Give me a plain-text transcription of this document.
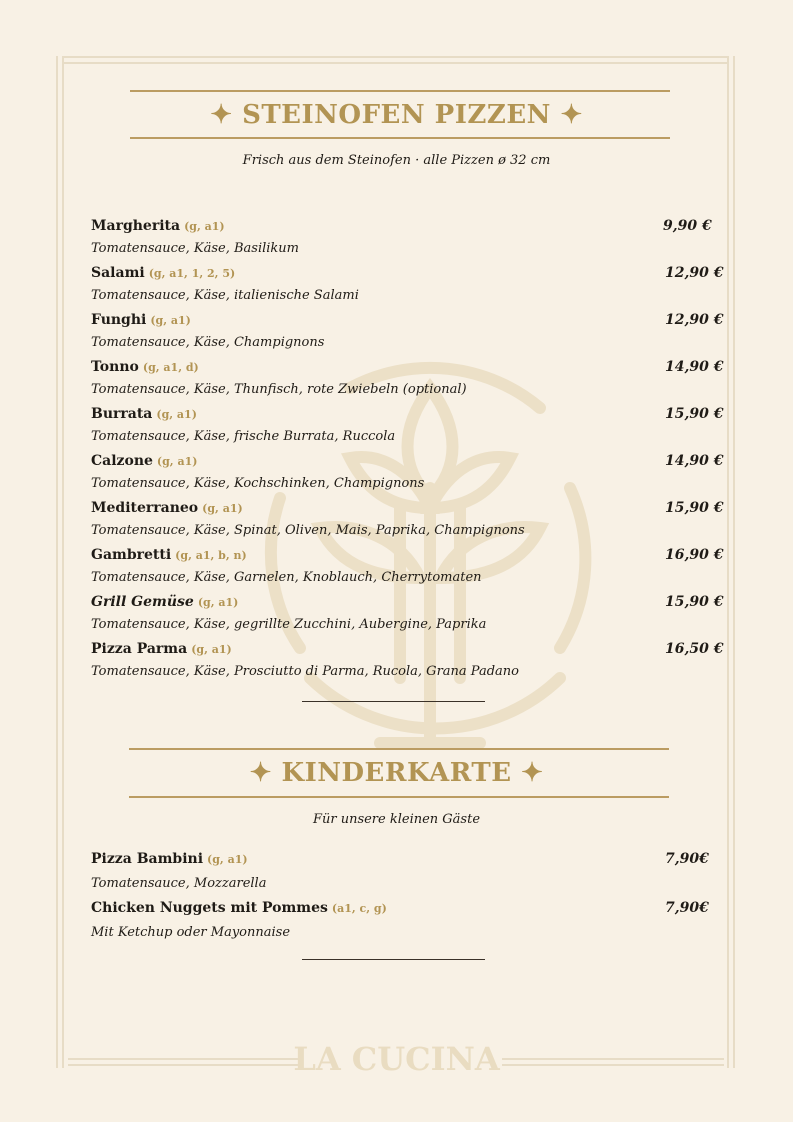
✦ STEINOFEN PIZZEN ✦
Frisch aus dem Steinofen · alle Pizzen ø 32 cm
Margherita (g, a1)
Tomatensauce, Käse, Basilikum
9,90 €
Salami (g, a1, 1, 2, 5)
Tomatensauce, Käse, italienische Salami
12,90 €
Funghi (g, a1)
Tomatensauce, Käse, Champignons
12,90 €
Tonno (g, a1, d)
Tomatensauce, Käse, Thunfisch, rote Zwiebeln (optional)
14,90 €
Burrata (g, a1)
Tomatensauce, Käse, frische Burrata, Ruccola
15,90 €
Calzone (g, a1)
Tomatensauce, Käse, Kochschinken, Champignons
14,90 €
Mediterraneo (g, a1)
Tomatensauce, Käse, Spinat, Oliven, Mais, Paprika, Champignons
15,90 €
Gambretti (g, a1, b, n)
Tomatensauce, Käse, Garnelen, Knoblauch, Cherrytomaten
16,90 €
Grill Gemüse (g, a1)
Tomatensauce, Käse, gegrillte Zucchini, Aubergine, Paprika
15,90 €
Pizza Parma (g, a1)
Tomatensauce, Käse, Prosciutto di Parma, Rucola, Grana Padano
16,50 €
✦ KINDERKARTE ✦
Für unsere kleinen Gäste
Pizza Bambini (g, a1)
Tomatensauce, Mozzarella
7,90€
Chicken Nuggets mit Pommes (a1, c, g)
Mit Ketchup oder Mayonnaise
7,90€
LA CUCINA
